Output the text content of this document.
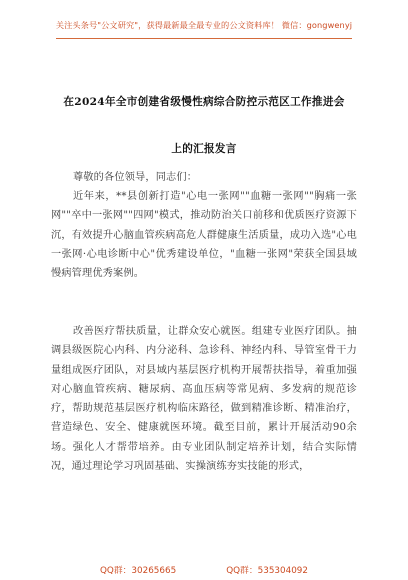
关注头条号"公文研究"，获得最新最全最专业的公文资料库！ 微信：gongwenyj
在2024年全市创建省级慢性病综合防控示范区工作推进会
上的汇报发言

尊敬的各位领导，同志们：

近年来，**县创新打造"心电一张网""血糖一张网""胸痛一张网""卒中一张网""四网"模式，推动防治关口前移和优质医疗资源下沉，有效提升心脑血管疾病高危人群健康生活质量，成功入选"心电一张网·心电诊断中心"优秀建设单位，"血糖一张网"荣获全国县域慢病管理优秀案例。

改善医疗帮扶质量，让群众安心就医。组建专业医疗团队。抽调县级医院心内科、内分泌科、急诊科、神经内科、导管室骨干力量组成医疗团队，对县域内基层医疗机构开展帮扶指导，着重加强对心脑血管疾病、糖尿病、高血压病等常见病、多发病的规范诊疗，帮助规范基层医疗机构临床路径，做到精准诊断、精准治疗，营造绿色、安全、健康就医环境。截至目前，累计开展活动90余场。强化人才帮带培养。由专业团队制定培养计划，结合实际情况，通过理论学习巩固基础、实操演练夯实技能的形式，

QQ群：30265665	QQ群：535304092
